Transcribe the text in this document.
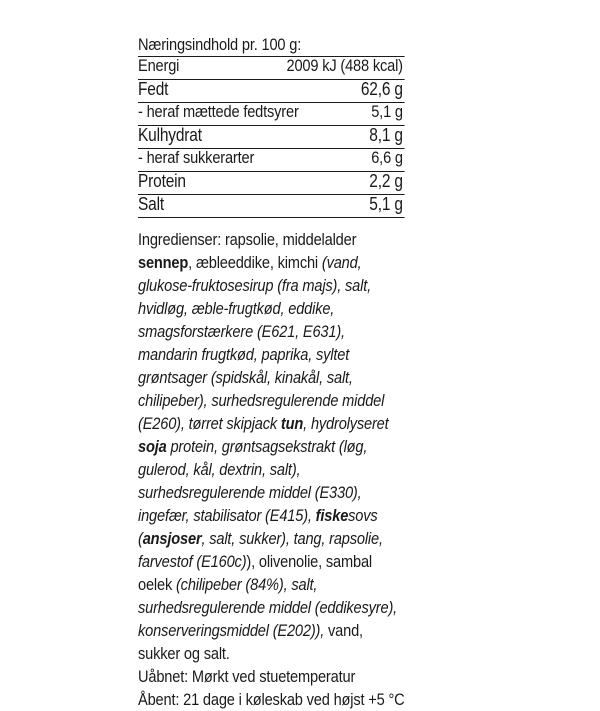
Næringsindhold pr. 100 g:

Energi	2009 kJ (488 kcal)
Fedt	62,6 g
- heraf mættede fedtsyrer	5,1 g
Kulhydrat	8,1 g
- heraf sukkerarter	6,6 g
Protein	2,2 g
Salt	5,1 g

Ingredienser: rapsolie, middelalder sennep, æbleeddike, kimchi (vand, glukose-fruktosesirup (fra majs), salt, hvidløg, æble-frugtkød, eddike, smagsforstærkere (E621, E631), mandarin frugtkød, paprika, syltet grøntsager (spidskål, kinakål, salt, chilipeber), surhedsregulerende middel (E260), tørret skipjack tun, hydrolyseret soja protein, grøntsagsekstrakt (løg, gulerod, kål, dextrin, salt), surhedsregulerende middel (E330), ingefær, stabilisator (E415), fiskesovs (ansjoser, salt, sukker), tang, rapsolie, farvestof (E160c)), olivenolie, sambal oelek (chilipeber (84%), salt, surhedsregulerende middel (eddikesyre), konserveringsmiddel (E202)), vand, sukker og salt.

Uåbnet: Mørkt ved stuetemperatur

Åbent: 21 dage i køleskab ved højst +5 °C
